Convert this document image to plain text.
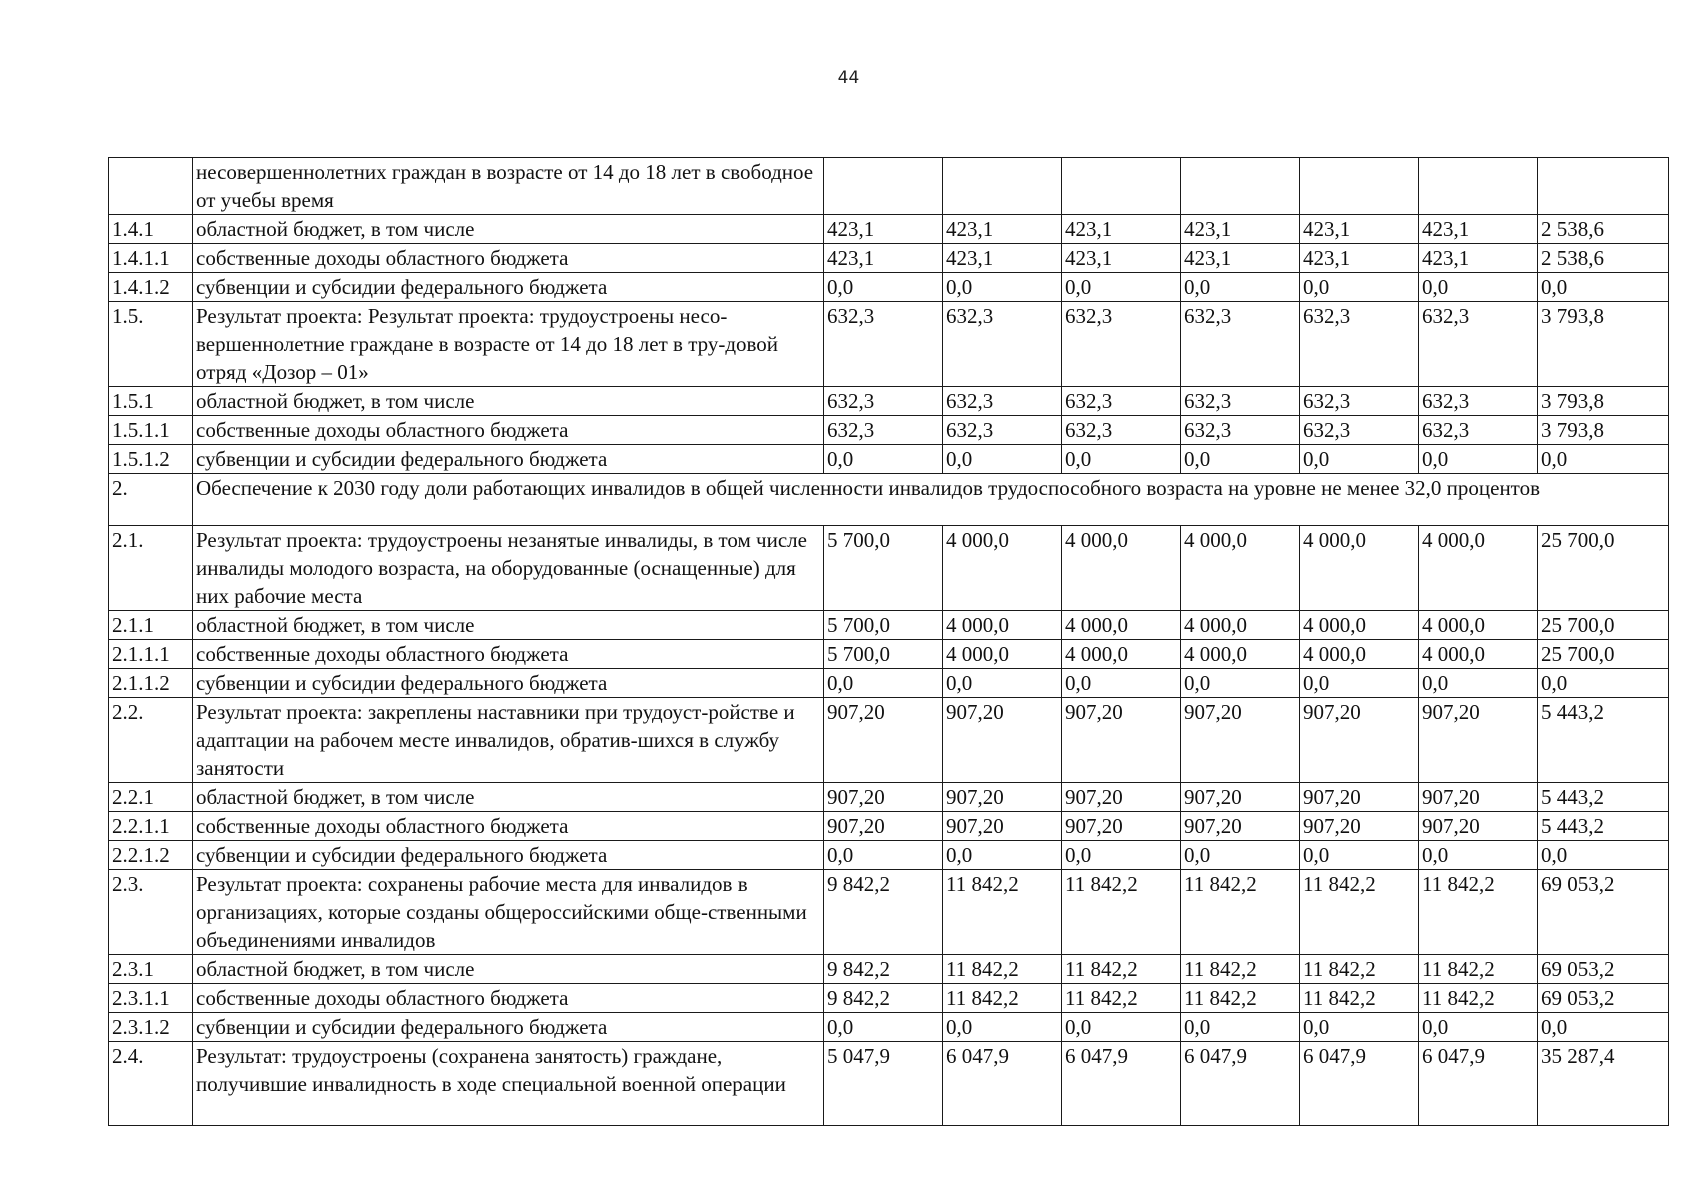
44
	несовершеннолетних граждан в возрасте от 14 до 18 лет в свободное от учебы время							
1.4.1	областной бюджет, в том числе	423,1	423,1	423,1	423,1	423,1	423,1	2 538,6
1.4.1.1	собственные доходы областного бюджета	423,1	423,1	423,1	423,1	423,1	423,1	2 538,6
1.4.1.2	субвенции и субсидии федерального бюджета	0,0	0,0	0,0	0,0	0,0	0,0	0,0
1.5.	Результат проекта: Результат проекта: трудоустроены несо-вершеннолетние граждане в возрасте от 14 до 18 лет в тру-довой отряд «Дозор – 01»	632,3	632,3	632,3	632,3	632,3	632,3	3 793,8
1.5.1	областной бюджет, в том числе	632,3	632,3	632,3	632,3	632,3	632,3	3 793,8
1.5.1.1	собственные доходы областного бюджета	632,3	632,3	632,3	632,3	632,3	632,3	3 793,8
1.5.1.2	субвенции и субсидии федерального бюджета	0,0	0,0	0,0	0,0	0,0	0,0	0,0
2.	Обеспечение к 2030 году доли работающих инвалидов в общей численности инвалидов трудоспособного возраста на уровне не менее 32,0 процентов							
2.1.	Результат проекта: трудоустроены незанятые инвалиды, в том числе инвалиды молодого возраста, на оборудованные (оснащенные) для них рабочие места	5 700,0	4 000,0	4 000,0	4 000,0	4 000,0	4 000,0	25 700,0
2.1.1	областной бюджет, в том числе	5 700,0	4 000,0	4 000,0	4 000,0	4 000,0	4 000,0	25 700,0
2.1.1.1	собственные доходы областного бюджета	5 700,0	4 000,0	4 000,0	4 000,0	4 000,0	4 000,0	25 700,0
2.1.1.2	субвенции и субсидии федерального бюджета	0,0	0,0	0,0	0,0	0,0	0,0	0,0
2.2.	Результат проекта: закреплены наставники при трудоуст-ройстве и адаптации на рабочем месте инвалидов, обратив-шихся в службу занятости	907,20	907,20	907,20	907,20	907,20	907,20	5 443,2
2.2.1	областной бюджет, в том числе	907,20	907,20	907,20	907,20	907,20	907,20	5 443,2
2.2.1.1	собственные доходы областного бюджета	907,20	907,20	907,20	907,20	907,20	907,20	5 443,2
2.2.1.2	субвенции и субсидии федерального бюджета	0,0	0,0	0,0	0,0	0,0	0,0	0,0
2.3.	Результат проекта: сохранены рабочие места для инвалидов в организациях, которые созданы общероссийскими обще-ственными объединениями инвалидов	9 842,2	11 842,2	11 842,2	11 842,2	11 842,2	11 842,2	69 053,2
2.3.1	областной бюджет, в том числе	9 842,2	11 842,2	11 842,2	11 842,2	11 842,2	11 842,2	69 053,2
2.3.1.1	собственные доходы областного бюджета	9 842,2	11 842,2	11 842,2	11 842,2	11 842,2	11 842,2	69 053,2
2.3.1.2	субвенции и субсидии федерального бюджета	0,0	0,0	0,0	0,0	0,0	0,0	0,0
2.4.	Результат: трудоустроены (сохранена занятость) граждане, получившие инвалидность в ходе специальной военной операции	5 047,9	6 047,9	6 047,9	6 047,9	6 047,9	6 047,9	35 287,4
